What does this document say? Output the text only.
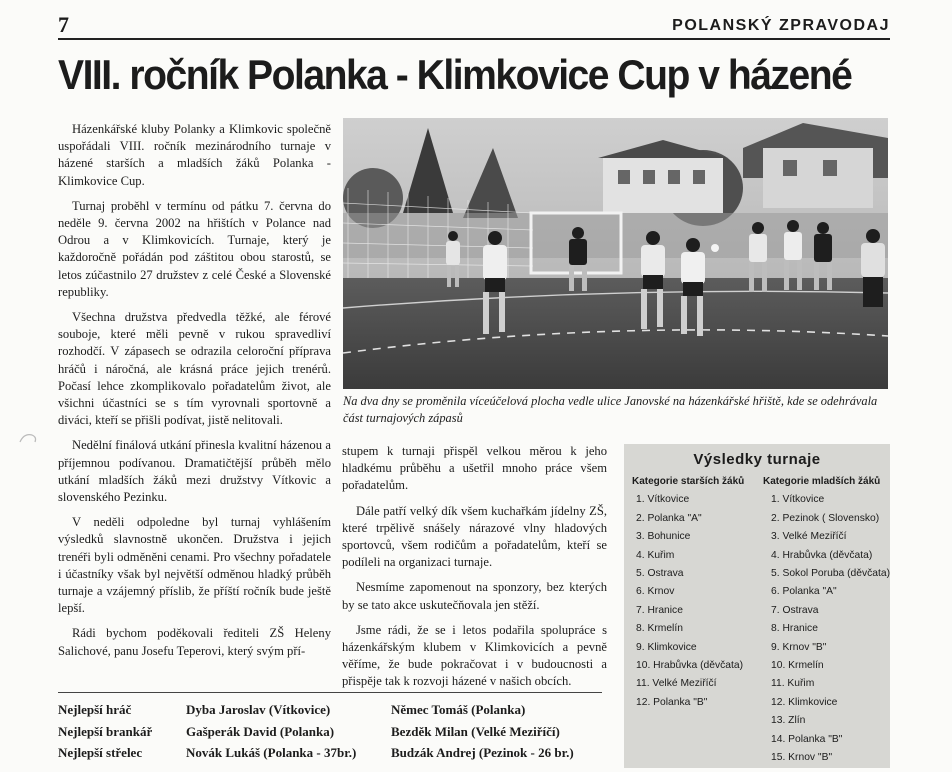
7	POLANSKÝ ZPRAVODAJ
VIII. ročník Polanka - Klimkovice Cup v házené

Házenkářské kluby Polanky a Klimkovic společně uspořádali VIII. ročník mezinárodního turnaje v házené starších a mladších žáků Polanka - Klimkovice Cup.

Turnaj proběhl v termínu od pátku 7. června do neděle 9. června 2002 na hřištích v Polance nad Odrou a v Klimkovicích. Turnaje, který je každoročně pořádán pod záštitou obou starostů, se letos zúčastnilo 27 družstev z celé České a Slovenské republiky.

Všechna družstva předvedla těžké, ale férové souboje, které měli pevně v rukou spravedliví rozhodčí. V zápasech se odrazila celoroční příprava hráčů i náročná, ale krásná práce jejich trenérů. Počasí lehce zkomplikovalo pořadatelům život, ale všichni účastníci se s tím vyrovnali sportovně a diváci, kteří se přišli podívat, jistě nelitovali.

Nedělní finálová utkání přinesla kvalitní házenou a příjemnou podívanou. Dramatičtější průběh mělo utkání mladších žáků mezi družstvy Vítkovic a slovenského Pezinku.

V neděli odpoledne byl turnaj vyhlášením výsledků slavnostně ukončen. Družstva i jejich trenéři byli odměněni cenami. Pro všechny pořadatele i účastníky však byl největší odměnou hladký průběh turnaje a vzájemný příslib, že příští ročník bude ještě lepší.

Rádi bychom poděkovali řediteli ZŠ Heleny Salichové, panu Josefu Teperovi, který svým pří-

Na dva dny se proměnila víceúčelová plocha vedle ulice Janovské na házenkářské hřiště, kde se odehrávala část turnajových zápasů

stupem k turnaji přispěl velkou měrou k jeho hladkému průběhu a ušetřil mnoho práce všem pořadatelům.

Dále patří velký dík všem kuchařkám jídelny ZŠ, které trpělivě snášely nárazové vlny hladových sportovců, všem rodičům a pořadatelům, kteří se podíleli na organizaci turnaje.

Nesmíme zapomenout na sponzory, bez kterých by se tato akce uskutečňovala jen stěží.

Jsme rádi, že se i letos podařila spolupráce s házenkářským klubem v Klimkovicích a pevně věříme, že bude pokračovat i v budoucnosti a přispěje tak k rozvoji házené v našich obcích.

Výsledky turnaje
Kategorie starších žáků
1. Vítkovice
2. Polanka "A"
3. Bohunice
4. Kuřim
5. Ostrava
6. Krnov
7. Hranice
8. Krmelín
9. Klimkovice
10. Hrabůvka (děvčata)
11. Velké Meziříčí
12. Polanka "B"
Kategorie mladších žáků
1. Vítkovice
2. Pezinok ( Slovensko)
3. Velké Meziříčí
4. Hrabůvka (děvčata)
5. Sokol Poruba (děvčata)
6. Polanka "A"
7. Ostrava
8. Hranice
9. Krnov "B"
10. Krmelín
11. Kuřim
12. Klimkovice
13. Zlín
14. Polanka "B"
15. Krnov "B"
Nejlepší hráč	Dyba Jaroslav (Vítkovice)	Němec Tomáš (Polanka)
Nejlepší brankář	Gašperák David (Polanka)	Bezděk Milan (Velké Meziříčí)
Nejlepší střelec	Novák Lukáš (Polanka - 37br.)	Budzák Andrej (Pezinok - 26 br.)
